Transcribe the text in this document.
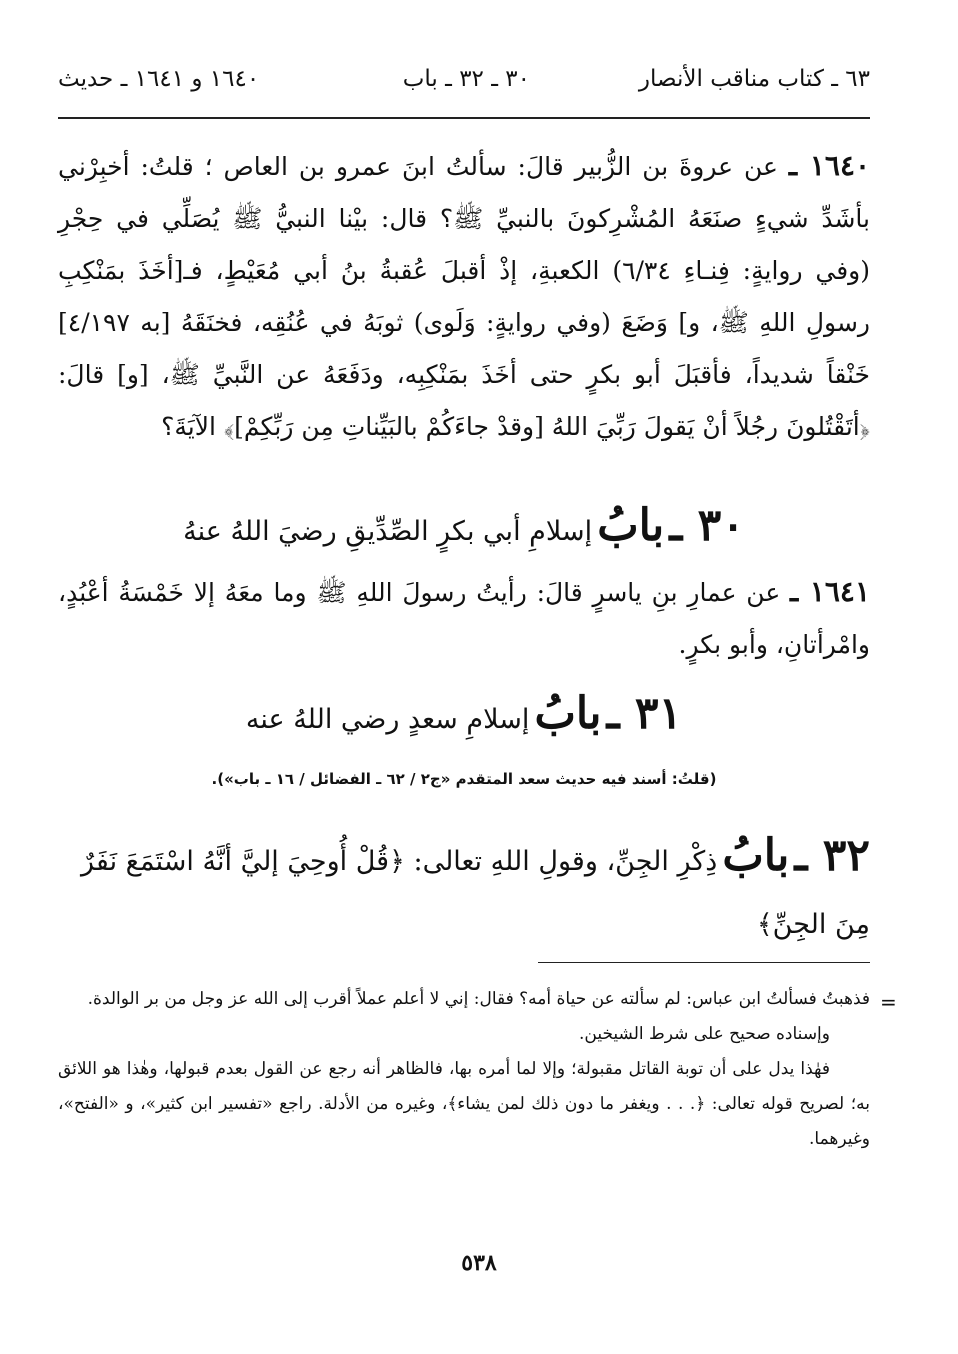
٦٣ ـ كتاب مناقب الأنصار
٣٠ ـ ٣٢ ـ باب
١٦٤٠ و ١٦٤١ ـ حديث
١٦٤٠ ـ عن عروةَ بن الزُّبير قالَ: سألتُ ابنَ عمرو بن العاص ؛ قلتُ: أخبِرْني بأشَدِّ شيءٍ صنَعَهُ المُشْرِكونَ بالنبيِّ ﷺ؟ قال: بيْنا النبيُّ ﷺ يُصَلِّي في حِجْرِ (وفي روايةٍ: فِنـاءِ ٦/٣٤) الكعبةِ، إذْ أقبلَ عُقبةُ بنُ أبي مُعَيْطٍ، فـ[أخَذَ بمَنْكِبِ رسولِ اللهِ ﷺ، و] وَضَعَ (وفي روايةٍ: وَلَوى) ثوبَهُ في عُنُقِه، فخنَقَهُ [به ٤/١٩٧] خَنْقاً شديداً، فأقبَلَ أبو بكرٍ حتى أخَذَ بمَنْكِبِه، ودَفَعَهُ عن النَّبيِّ ﷺ، [و] قالَ: ﴿أتَقْتُلونَ رجُلاً أنْ يَقولَ رَبِّيَ اللهُ [وقدْ جاءَكُمْ بالبَيِّناتِ مِن رَبِّكِمْ]﴾ الآيَةَ؟
٣٠ ـ بابُ إسلامِ أبي بكرٍ الصِّدِّيقِ رضيَ اللهُ عنهُ
١٦٤١ ـ عن عمارِ بنِ ياسرٍ قالَ: رأيتُ رسولَ اللهِ ﷺ وما معَهُ إلا خَمْسَةُ أعْبُدٍ، وامْرأتانِ، وأبو بكرٍ.
٣١ ـ بابُ إسلامِ سعدٍ رضي اللهُ عنه
(قلتُ: أسند فيه حديث سعد المتقدم «ج٢ / ٦٢ ـ الفضائل / ١٦ ـ باب»).
٣٢ ـ بابُ ذِكْرِ الجِنِّ، وقولِ اللهِ تعالى: ﴿قُلْ أُوحِيَ إليَّ أنَّهُ اسْتَمَعَ نَفَرٌ مِنَ الجِنِّ﴾
=

فذهبتُ فسألتُ ابن عباس: لم سألته عن حياة أمه؟ فقال: إني لا أعلم عملاً أقرب إلى الله عز وجل من بر الوالدة.

وإسناده صحيح على شرط الشيخين.

فهٰذا يدل على أن توبة القاتل مقبولة؛ وإلا لما أمره بها، فالظاهر أنه رجع عن القول بعدم قبولها، وهٰذا هو اللائق به؛ لصريح قوله تعالى: ﴿. . . ويغفر ما دون ذلك لمن يشاء﴾، وغيره من الأدلة. راجع «تفسير ابن كثير»، و «الفتح»، وغيرهما.

٥٣٨
